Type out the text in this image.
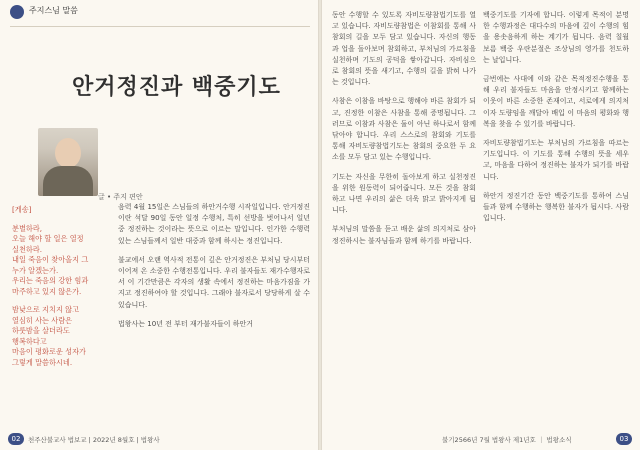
주지스님 말씀
안거정진과 백중기도
글 • 주지 편안
[게송]
분별하라,
오늘 해야 할 일은 열정
실천하라.
내일 죽음이 찾아올지 그
누가 알겠는가.
우리는 죽음의 강한 힘과
마주하고 있지 않은가.
밤낮으로 지치지 않고
열심히 사는 사람은
하룻밤을 살더라도
행복하다고
마음이 평화로운 성자가
그렇게 말씀하시네.

음력 4월 15일은 스님들의 하안거수행 시작일입니다. 안거정진이란 석달 90일 동안 일정 수행처, 특히 선방을 벗어나서 일년 중 정진하는 것이라는 뜻으로 이르는 말입니다. 인가한 수행력 있는 스님들께서 일반 대중과 함께 하시는 정진입니다.

불교에서 오랜 역사적 전통이 깊은 안거정진은 부처님 당시부터 이어져 온 소중한 수행전통입니다. 우리 불자들도 재가수행자로서 이 기간만큼은 각자의 생활 속에서 정진하는 마음가짐을 가지고 정진하여야 할 것입니다. 그래야 불자로서 당당하게 살 수 있습니다.

법왕사는 10년 전 부터 재가불자들이 하안거

02	천주산불교사 법보교 | 2022년 8월호 | 법왕사

동안 수행할 수 있도록 자비도량참법기도를 열고 있습니다. 자비도량참법은 이참회를 통해 사참회의 길을 모두 담고 있습니다. 자신의 행동과 업을 돌아보며 참회하고, 부처님의 가르침을 실천하며 기도의 공덕을 쌓아갑니다. 자비심으로 참회의 뜻을 새기고, 수행의 길을 밝혀 나가는 것입니다.

사참은 이참을 바탕으로 행해야 바른 참회가 되고, 진정한 이참은 사참을 통해 증명됩니다. 그러므로 이참과 사참은 둘이 아닌 하나로서 함께 닦아야 합니다. 우리 스스로의 참회와 기도를 통해 자비도량참법기도는 참회의 중요한 두 요소를 모두 담고 있는 수행입니다.

기도는 자신을 무한히 돌아보게 하고 실천정진을 위한 원동력이 되어줍니다. 모든 것을 참회하고 나면 우리의 삶은 더욱 맑고 밝아지게 됩니다.

부처님의 말씀을 듣고 배운 삶의 의지처로 삼아 정진하시는 불자님들과 함께 하기를 바랍니다.

백중기도를 기자에 합니다. 이렇게 목적이 분명한 수행과정은 대다수의 마음에 깊이 수행의 힘을 용솟음하게 하는 계기가 됩니다. 음력 칠월 보름 백중 우란분절은 조상님의 영가를 천도하는 날입니다.

금번에는 사대에 이와 같은 목적정진수행을 통해 우리 불자들도 마음을 안정시키고 함께하는 이웃이 바른 소중한 존재이고, 서로에게 의지처이자 도량임을 깨달아 배입 이 마음의 평화와 행복을 찾을 수 있기를 바랍니다.

자비도량참법기도는 부처님의 가르침을 따르는 기도입니다. 이 기도를 통해 수행의 뜻을 세우고, 마음을 다하여 정진하는 불자가 되기를 바랍니다.

하안거 정진기간 동안 백중기도를 통하여 스님들과 함께 수행하는 행복한 불자가 됩시다. 사람입니다.

불기2566년 7월 법왕사 제1년호 ｜ 법왕소식	03
